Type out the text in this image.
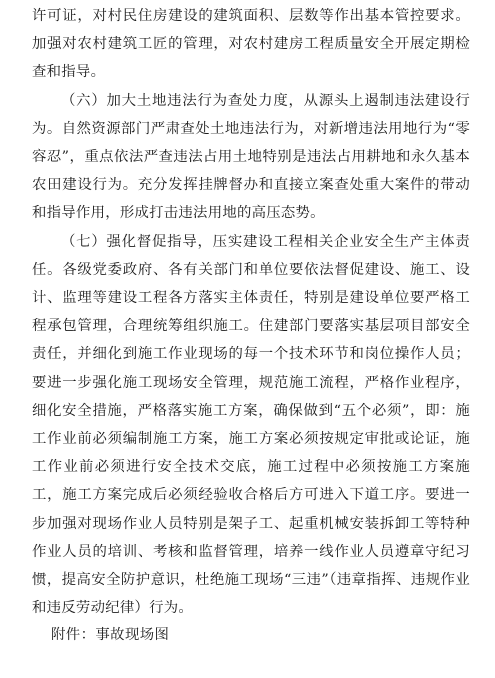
许可证，对村民住房建设的建筑面积、层数等作出基本管控要求。加强对农村建筑工匠的管理，对农村建房工程质量安全开展定期检查和指导。

（六）加大土地违法行为查处力度，从源头上遏制违法建设行为。自然资源部门严肃查处土地违法行为，对新增违法用地行为“零容忍”，重点依法严查违法占用土地特别是违法占用耕地和永久基本农田建设行为。充分发挥挂牌督办和直接立案查处重大案件的带动和指导作用，形成打击违法用地的高压态势。

（七）强化督促指导，压实建设工程相关企业安全生产主体责任。各级党委政府、各有关部门和单位要依法督促建设、施工、设计、监理等建设工程各方落实主体责任，特别是建设单位要严格工程承包管理，合理统筹组织施工。住建部门要落实基层项目部安全责任，并细化到施工作业现场的每一个技术环节和岗位操作人员；要进一步强化施工现场安全管理，规范施工流程，严格作业程序，细化安全措施，严格落实施工方案，确保做到“五个必须”，即：施工作业前必须编制施工方案，施工方案必须按规定审批或论证，施工作业前必须进行安全技术交底，施工过程中必须按施工方案施工，施工方案完成后必须经验收合格后方可进入下道工序。要进一步加强对现场作业人员特别是架子工、起重机械安装拆卸工等特种作业人员的培训、考核和监督管理，培养一线作业人员遵章守纪习惯，提高安全防护意识，杜绝施工现场“三违”（违章指挥、违规作业和违反劳动纪律）行为。

附件：事故现场图
